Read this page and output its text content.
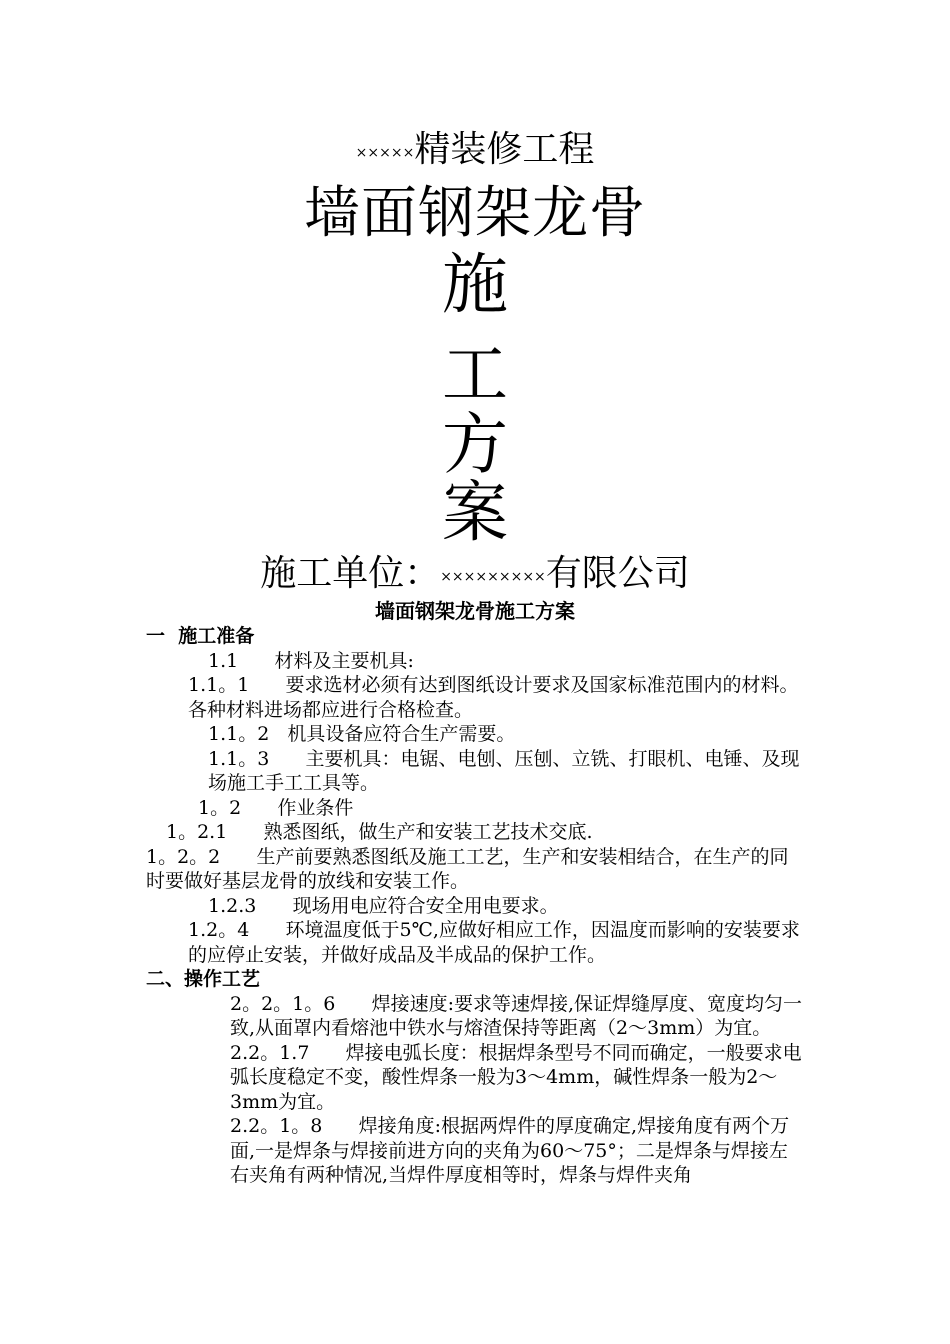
×××××精装修工程
墙面钢架龙骨
施
工
方
案
施工单位：×××××××××有限公司
墙面钢架龙骨施工方案

一  施工准备

1.1      材料及主要机具:

1.1。1      要求选材必须有达到图纸设计要求及国家标准范围内的材料。各种材料进场都应进行合格检查。

1.1。2   机具设备应符合生产需要。

1.1。3      主要机具：电锯、电刨、压刨、立铣、打眼机、电锤、及现场施工手工工具等。

1。2      作业条件

1。2.1      熟悉图纸，做生产和安装工艺技术交底.

1。2。2      生产前要熟悉图纸及施工工艺，生产和安装相结合，在生产的同时要做好基层龙骨的放线和安装工作。

1.2.3      现场用电应符合安全用电要求。

1.2。4      环境温度低于5℃,应做好相应工作，因温度而影响的安装要求的应停止安装，并做好成品及半成品的保护工作。

二、操作工艺

2。2。1。6      焊接速度:要求等速焊接,保证焊缝厚度、宽度均匀一致,从面罩内看熔池中铁水与熔渣保持等距离（2～3mm）为宜。

2.2。1.7      焊接电弧长度：根据焊条型号不同而确定，一般要求电弧长度稳定不变，酸性焊条一般为3～4mm，碱性焊条一般为2～3mm为宜。

2.2。1。8      焊接角度:根据两焊件的厚度确定,焊接角度有两个万面,一是焊条与焊接前进方向的夹角为60～75°；二是焊条与焊接左右夹角有两种情况,当焊件厚度相等时，焊条与焊件夹角
